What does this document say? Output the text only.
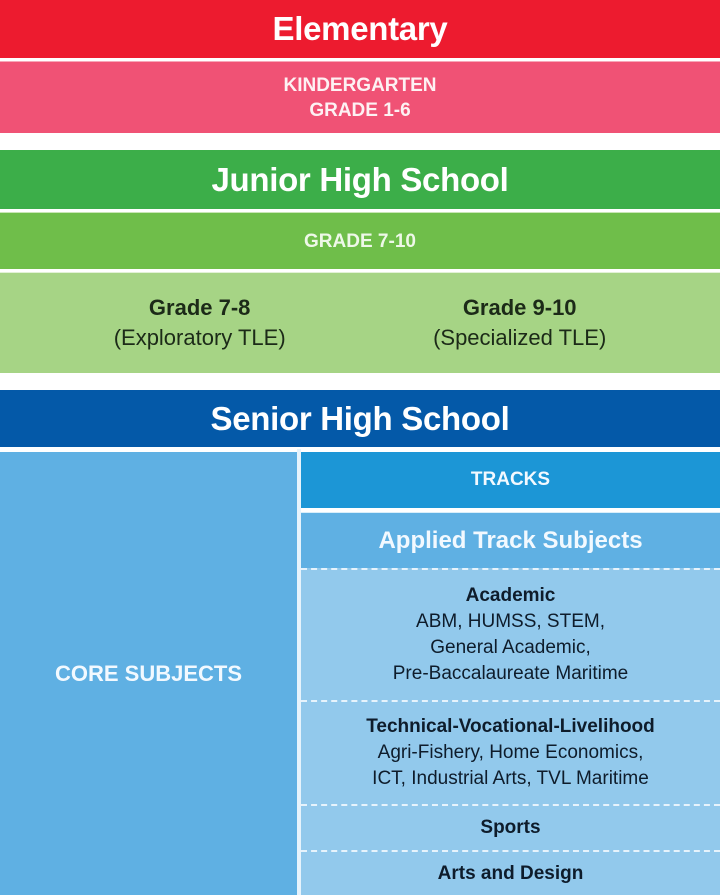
Elementary
KINDERGARTEN
GRADE 1-6
Junior High School
GRADE 7-10
Grade 7-8
(Exploratory TLE)
Grade 9-10
(Specialized TLE)
Senior High School
CORE SUBJECTS
TRACKS
Applied Track Subjects
Academic
ABM, HUMSS, STEM,
General Academic,
Pre-Baccalaureate Maritime
Technical-Vocational-Livelihood
Agri-Fishery, Home Economics,
ICT, Industrial Arts, TVL Maritime
Sports
Arts and Design
